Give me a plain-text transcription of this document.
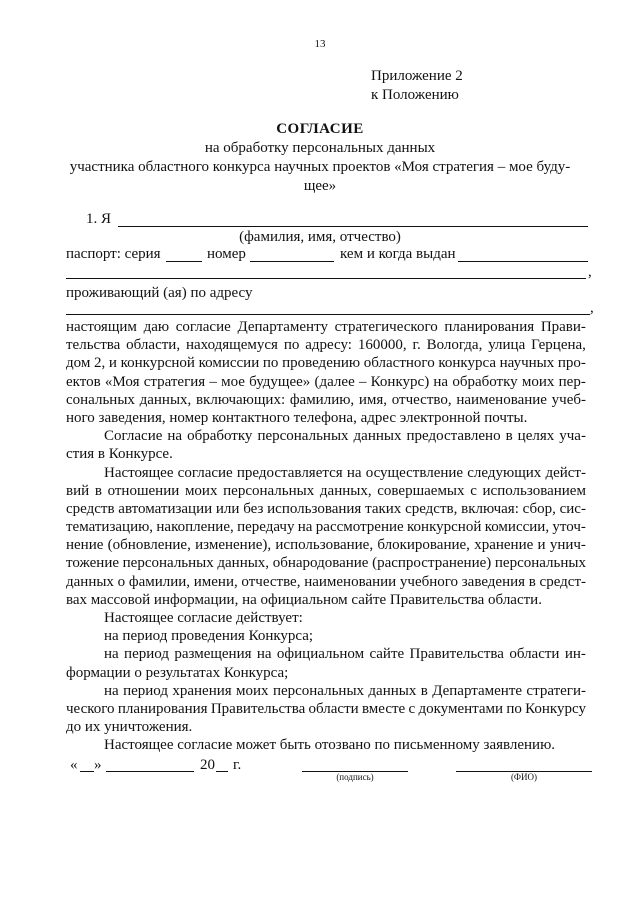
13
Приложение 2
к Положению
СОГЛАСИЕ
на обработку персональных данных
участника областного конкурса научных проектов «Моя стратегия – мое буду-
щее»
1. Я
(фамилия, имя, отчество)
паспорт: серия	номер	кем и когда выдан
,
проживающий (ая) по адресу
,
настоящим даю согласие Департаменту стратегического планирования Прави-
тельства области, находящемуся по адресу: 160000, г. Вологда, улица Герцена,
дом 2, и конкурсной комиссии по проведению областного конкурса научных про-
ектов «Моя стратегия – мое будущее» (далее – Конкурс) на обработку моих пер-
сональных данных, включающих: фамилию, имя, отчество, наименование учеб-
ного заведения, номер контактного телефона, адрес электронной почты.
Согласие на обработку персональных данных предоставлено в целях уча-
стия в Конкурсе.
Настоящее согласие предоставляется на осуществление следующих дейст-
вий в отношении моих персональных данных, совершаемых с использованием
средств автоматизации или без использования таких средств, включая: сбор, сис-
тематизацию, накопление, передачу на рассмотрение конкурсной комиссии, уточ-
нение (обновление, изменение), использование, блокирование, хранение и унич-
тожение персональных данных, обнародование (распространение) персональных
данных о фамилии, имени, отчестве, наименовании учебного заведения в средст-
вах массовой информации, на официальном сайте Правительства области.
Настоящее согласие действует:
на период проведения Конкурса;
на период размещения на официальном сайте Правительства области ин-
формации о результатах Конкурса;
на период хранения моих персональных данных в Департаменте стратеги-
ческого планирования Правительства области вместе с документами по Конкурсу
до их уничтожения.
Настоящее согласие может быть отозвано по письменному заявлению.
« »	20 г.
(подпись)	(ФИО)
